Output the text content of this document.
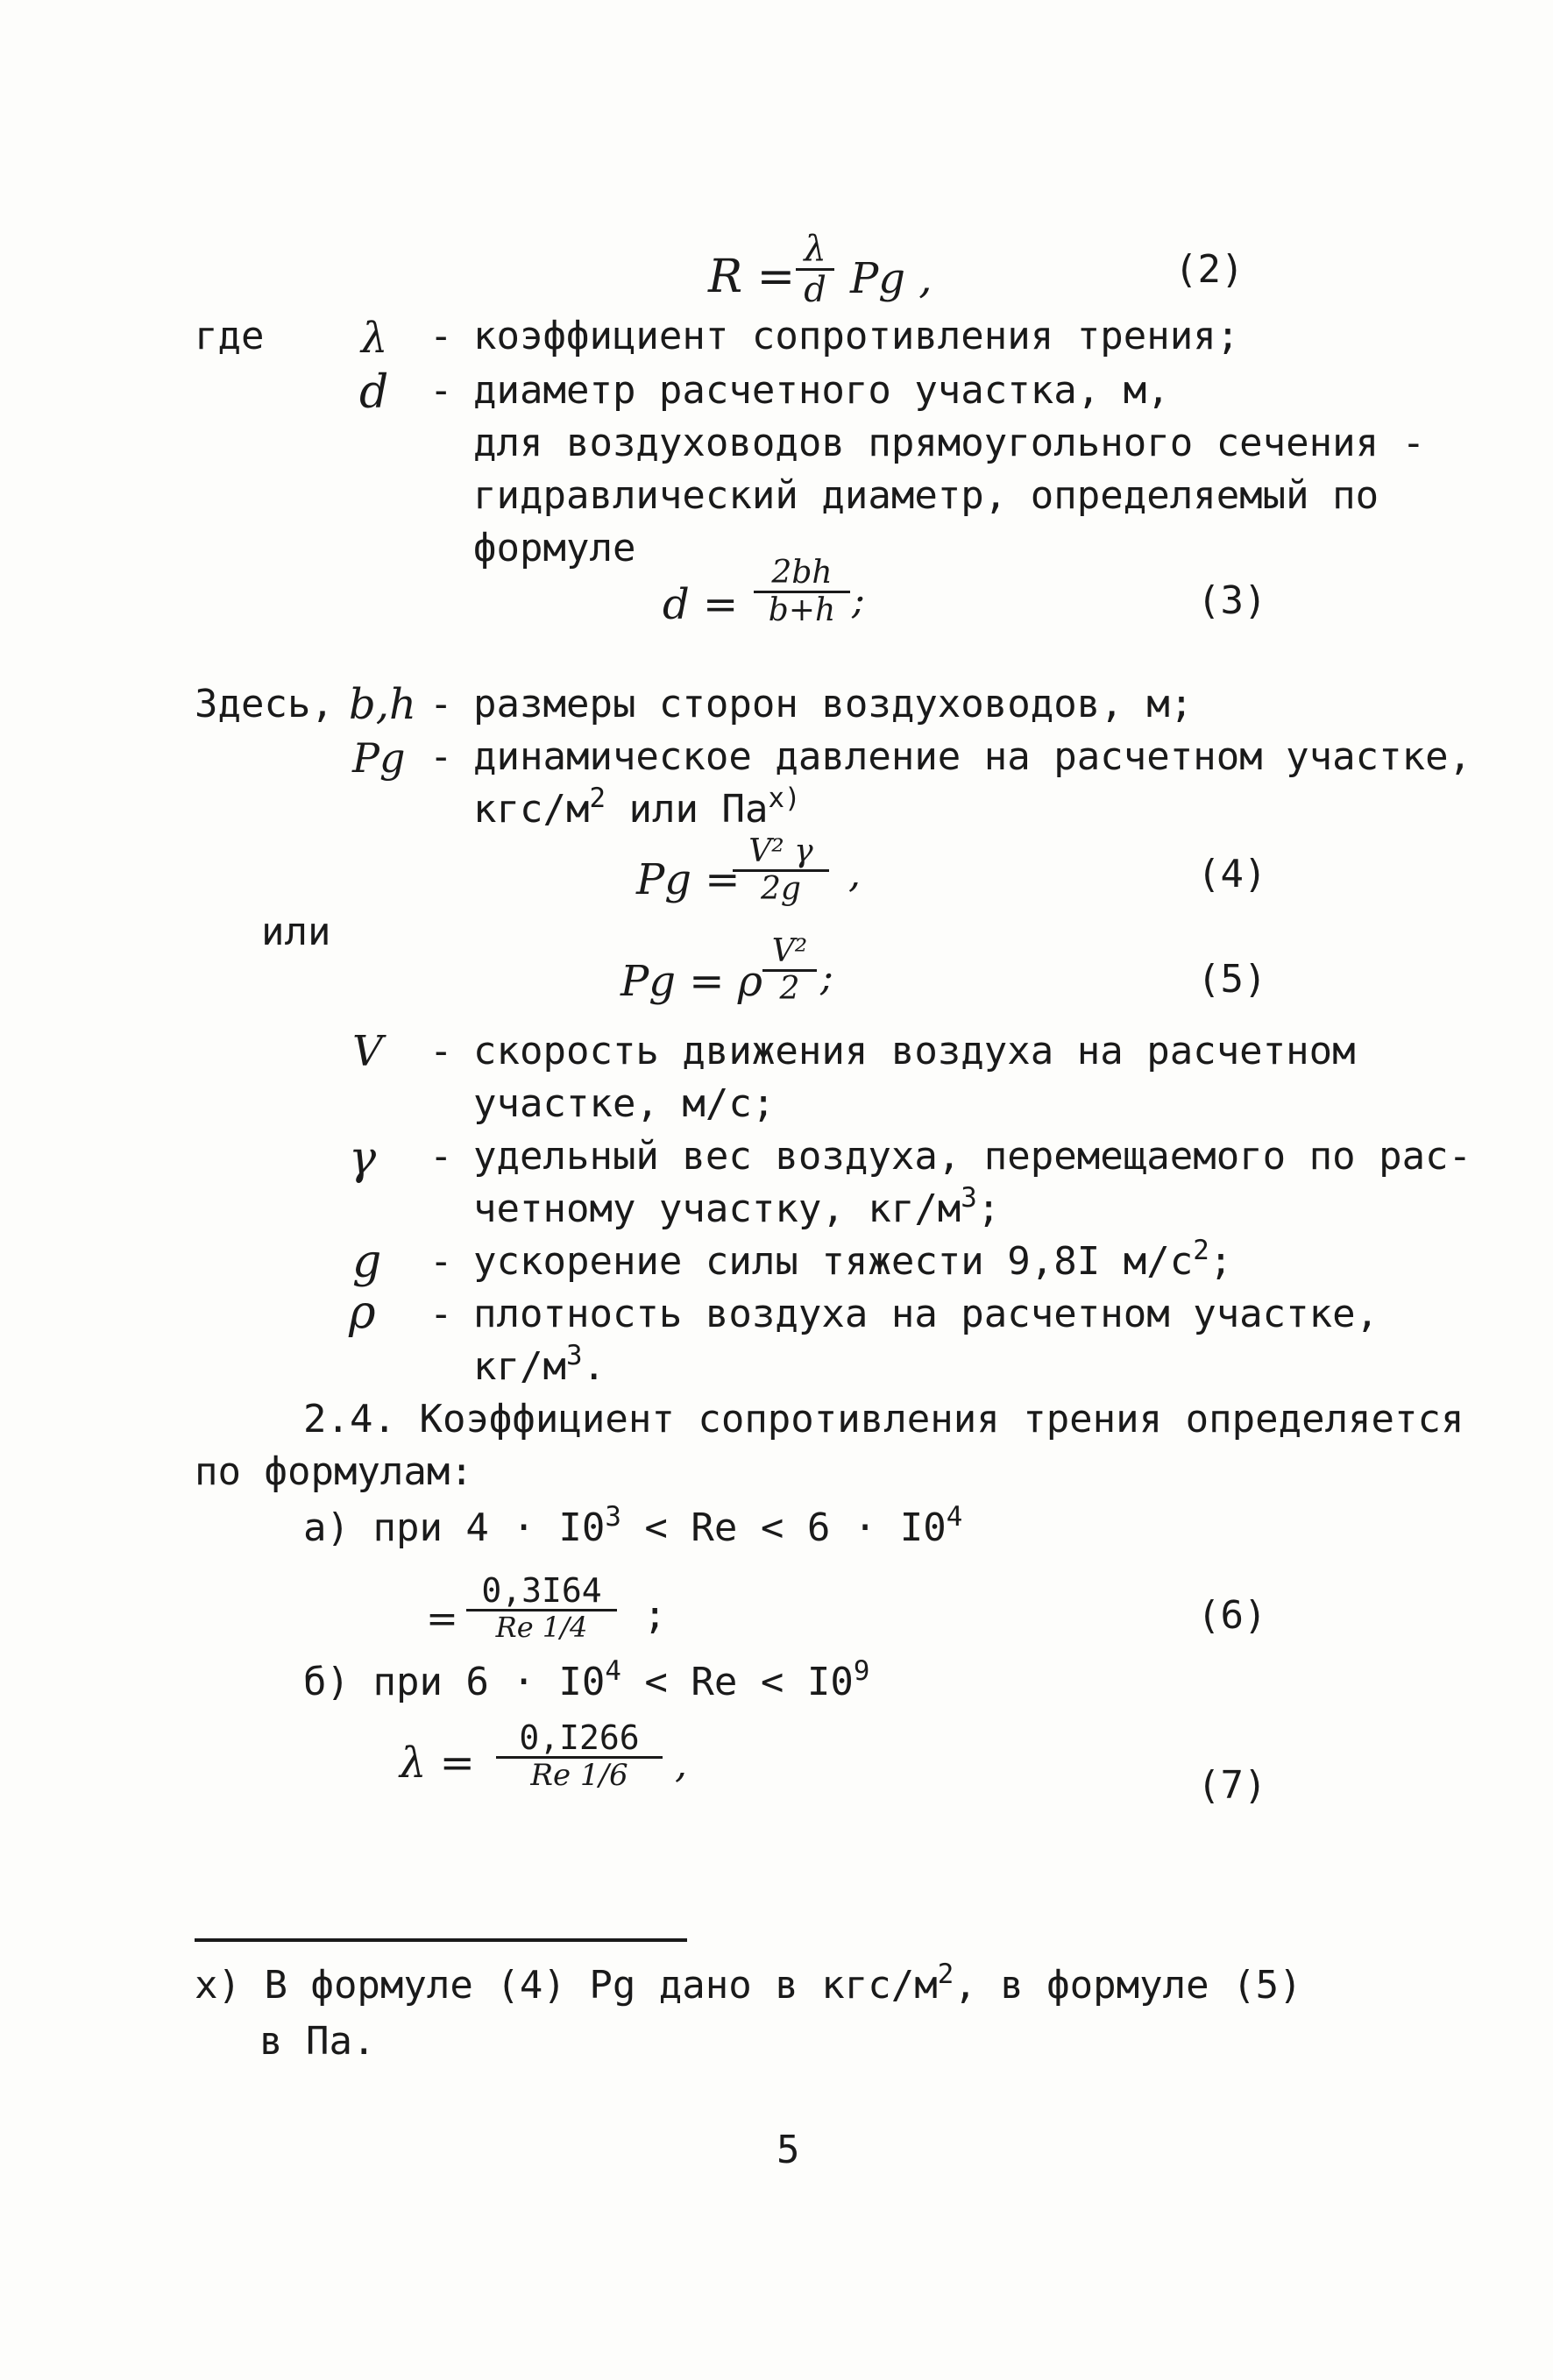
R =
λ
d Pg ,	(2)
где λ - коэффициент сопротивления трения;
d - диаметр расчетного участка, м,
для воздуховодов прямоугольного сечения -
гидравлический диаметр, определяемый по
формуле
d =
2bh
b+h ;	(3)
Здесь, b,h - размеры сторон воздуховодов, м;
Pg - динамическое давление на расчетном участке,
кгс/$м^2$ или $Па^{х)}$
Pg =
V² γ
2g ,	(4)
или
Pg = ρ
V²
2 ;	(5)
V - скорость движения воздуха на расчетном
участке, м/с;
γ - удельный вес воздуха, перемещаемого по рас-
четному участку, $кг/м^3$;
g - ускорение силы тяжести 9,8I $м/с^2$;
ρ - плотность воздуха на расчетном участке,
$кг/м^3$.
2.4. Коэффициент сопротивления трения определяется
по формулам:
а) при $4 \cdot I0^3 < Re < 6 \cdot I0^4$
=
0,3I64
Re 1/4 ;	(6)
б) при $6 \cdot I0^4 < Re < I0^9$
λ =
0,I266
Re 1/6 ,	(7)
х) В формуле (4) Pg дано в кгс/$м^2$, в формуле (5)
в Па.
5
